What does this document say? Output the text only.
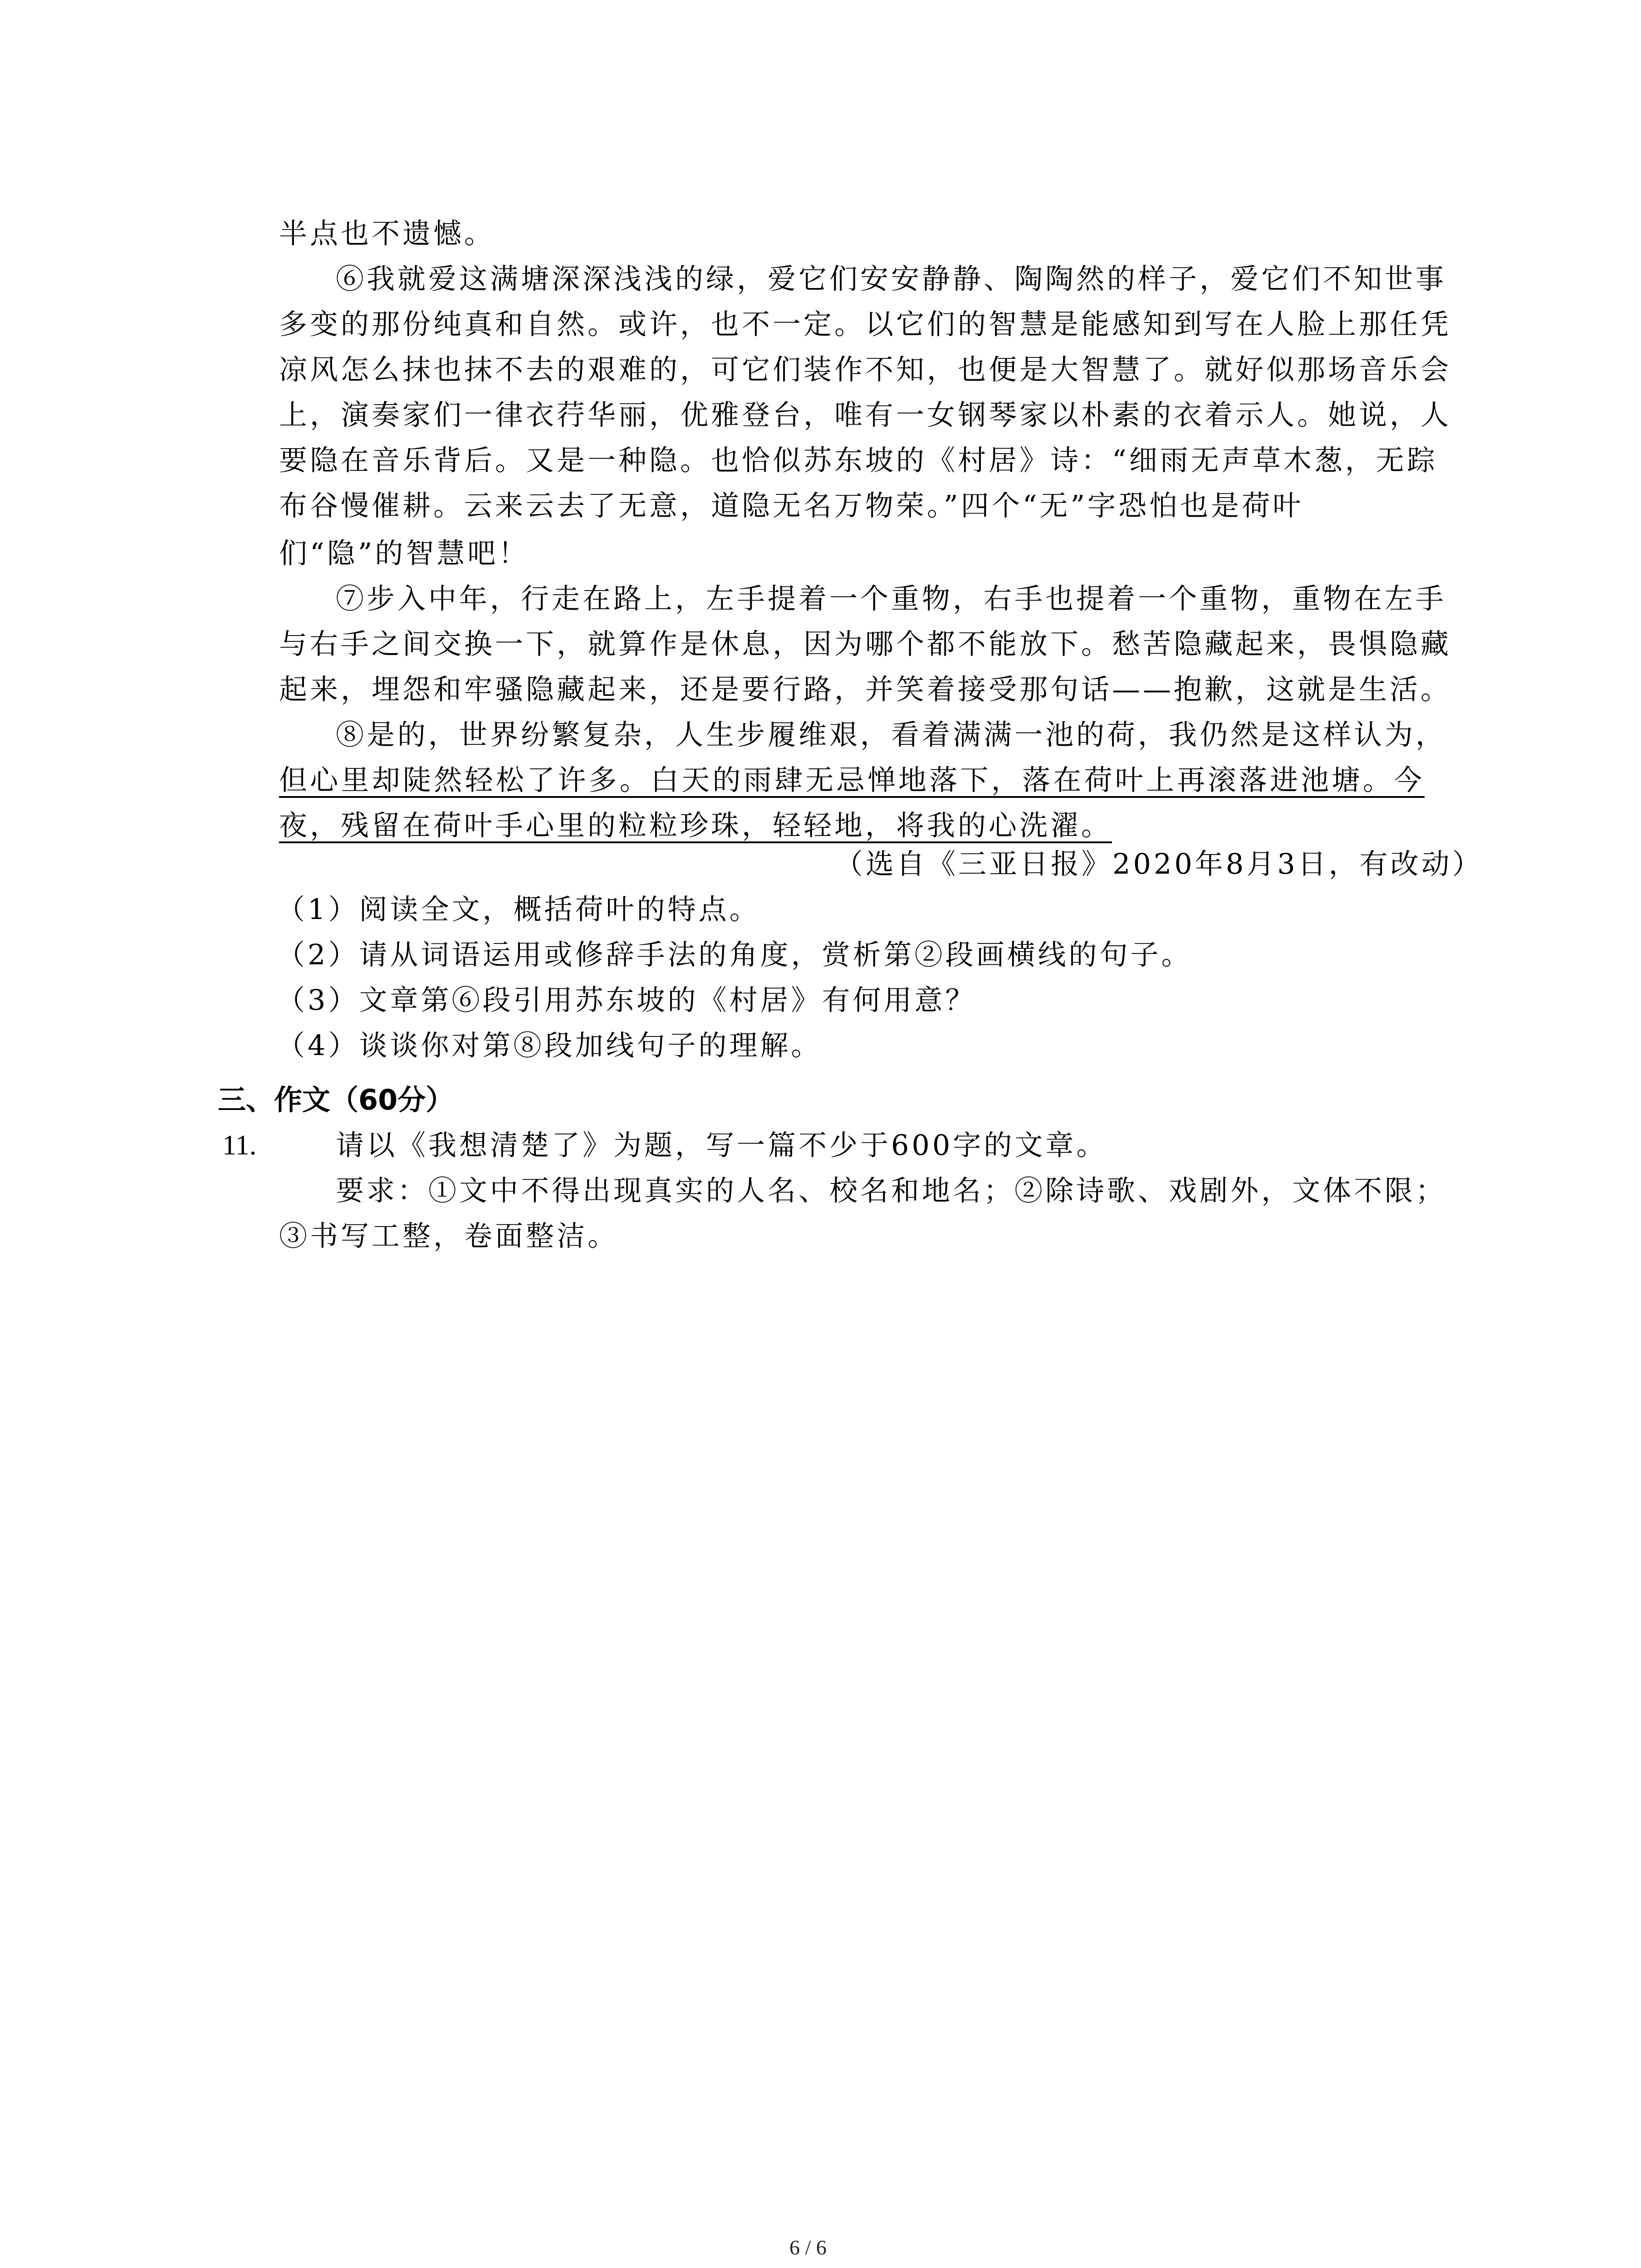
半点也不遗憾。
⑥我就爱这满塘深深浅浅的绿，爱它们安安静静、陶陶然的样子，爱它们不知世事
多变的那份纯真和自然。或许，也不一定。以它们的智慧是能感知到写在人脸上那任凭
凉风怎么抹也抹不去的艰难的，可它们装作不知，也便是大智慧了。就好似那场音乐会
上，演奏家们一律衣荇华丽，优雅登台，唯有一女钢琴家以朴素的衣着示人。她说，人
要隐在音乐背后。又是一种隐。也恰似苏东坡的《村居》诗：“细雨无声草木葱，无踪
布谷慢催耕。云来云去了无意，道隐无名万物荣。”四个“无”字恐怕也是荷叶
们“隐”的智慧吧！
⑦步入中年，行走在路上，左手提着一个重物，右手也提着一个重物，重物在左手
与右手之间交换一下，就算作是休息，因为哪个都不能放下。愁苦隐藏起来，畏惧隐藏
起来，埋怨和牢骚隐藏起来，还是要行路，并笑着接受那句话——抱歉，这就是生活。
⑧是的，世界纷繁复杂，人生步履维艰，看着满满一池的荷，我仍然是这样认为，
但心里却陡然轻松了许多。白天的雨肆无忌惮地落下，落在荷叶上再滚落进池塘。今
夜，残留在荷叶手心里的粒粒珍珠，轻轻地，将我的心洗濯。
（选自《三亚日报》2020年8月3日，有改动）
（1）阅读全文，概括荷叶的特点。
（2）请从词语运用或修辞手法的角度，赏析第②段画横线的句子。
（3）文章第⑥段引用苏东坡的《村居》有何用意？
（4）谈谈你对第⑧段加线句子的理解。
三、作文（60分）
11.	请以《我想清楚了》为题，写一篇不少于600字的文章。
要求：①文中不得出现真实的人名、校名和地名；②除诗歌、戏剧外，文体不限；
③书写工整，卷面整洁。
6 / 6
